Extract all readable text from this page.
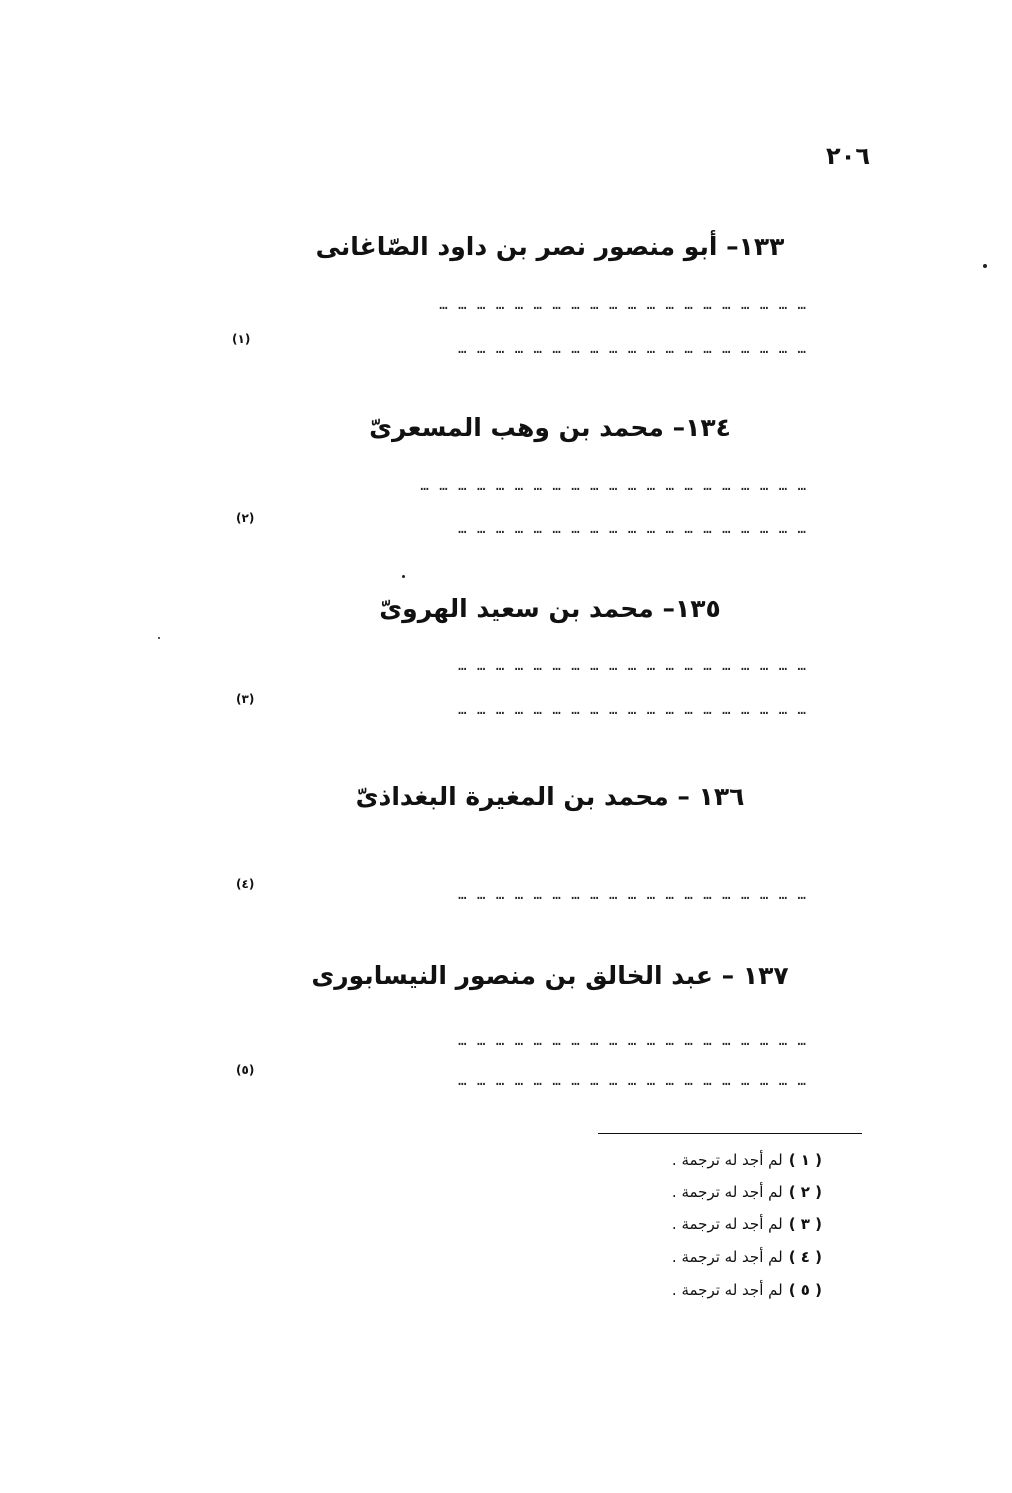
٢٠٦
١٣٣– أبو منصور نصر بن داود الصّاغانى
… … … … … … … … … … … … … … … … … … … …
… … … … … … … … … … … … … … … … … … …
(١)
١٣٤– محمد بن وهب المسعرىّ
… … … … … … … … … … … … … … … … … … … … …
… … … … … … … … … … … … … … … … … … …
(٢)
١٣٥– محمد بن سعيد الهروىّ
… … … … … … … … … … … … … … … … … … …
… … … … … … … … … … … … … … … … … … …
(٣)
١٣٦ – محمد بن المغيرة البغداذىّ
… … … … … … … … … … … … … … … … … … …
(٤)
١٣٧ – عبد الخالق بن منصور النيسابورى
… … … … … … … … … … … … … … … … … … …
… … … … … … … … … … … … … … … … … … …
(٥)
( ١ )لم أجد له ترجمة .
( ٢ )لم أجد له ترجمة .
( ٣ )لم أجد له ترجمة .
( ٤ )لم أجد له ترجمة .
( ٥ )لم أجد له ترجمة .
